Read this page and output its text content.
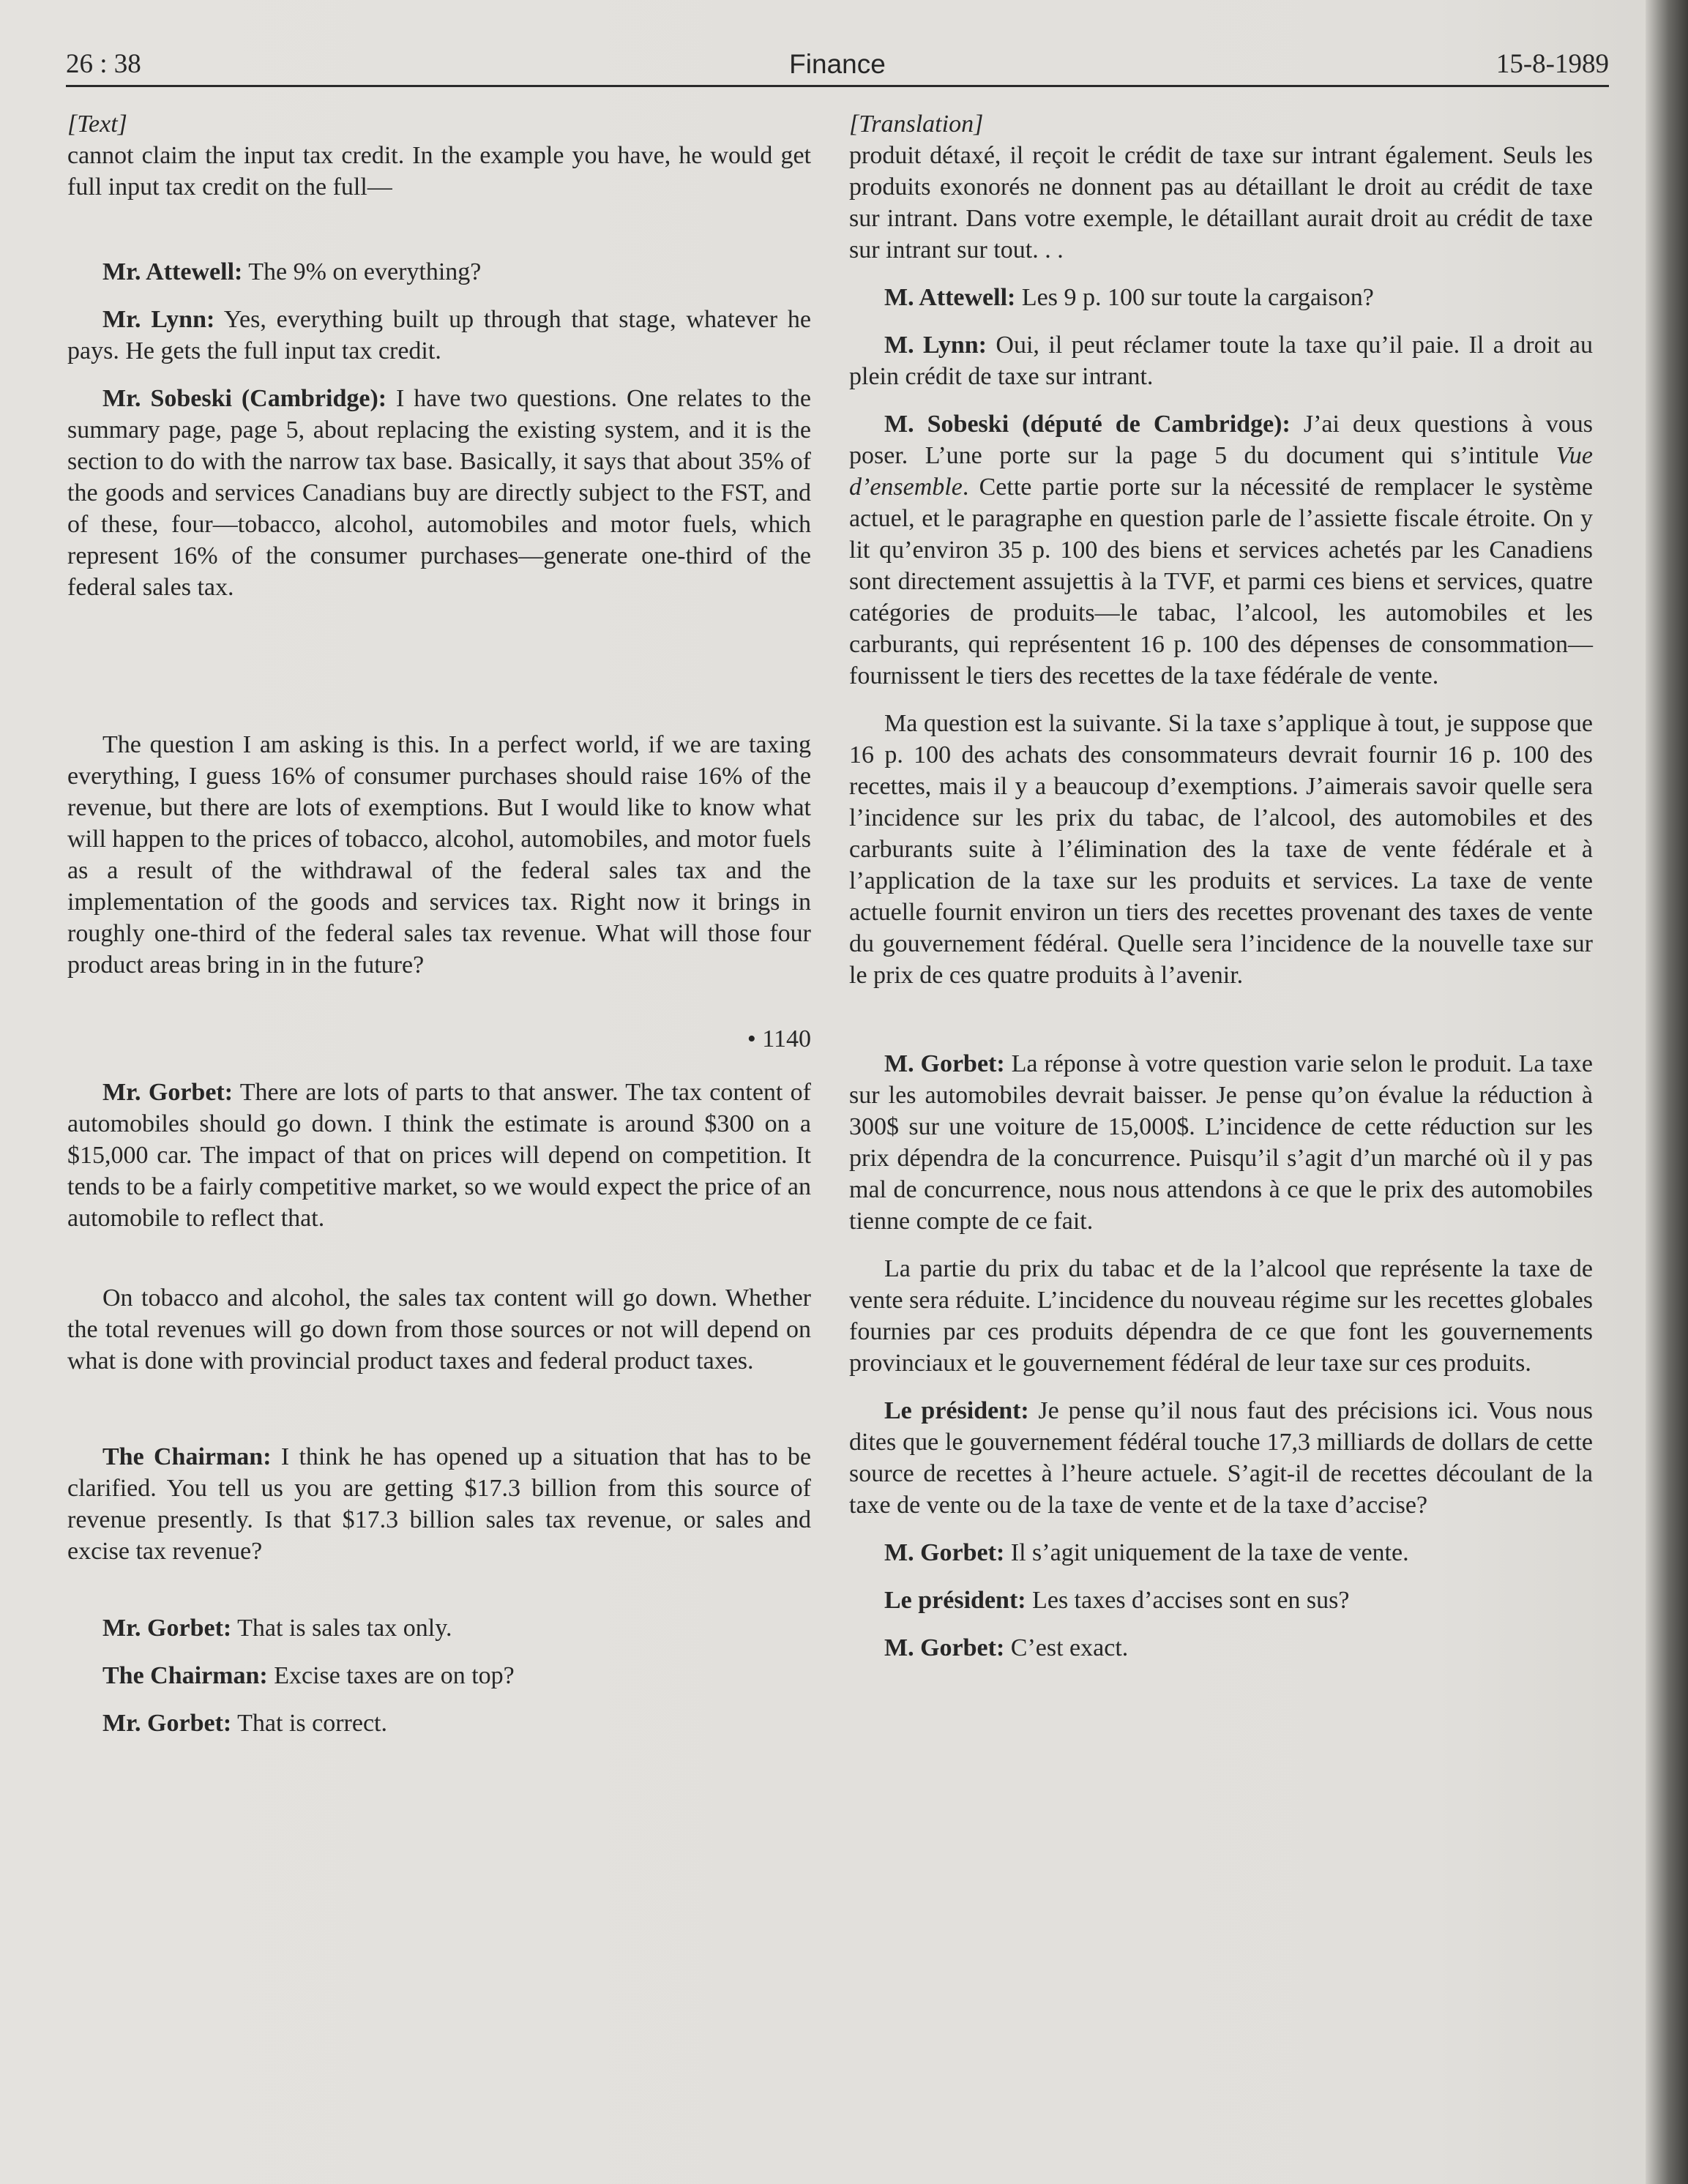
26 : 38	Finance	15-8-1989

[Text]

cannot claim the input tax credit. In the example you have, he would get full input tax credit on the full—

Mr. Attewell: The 9% on everything?

Mr. Lynn: Yes, everything built up through that stage, whatever he pays. He gets the full input tax credit.

Mr. Sobeski (Cambridge): I have two questions. One relates to the summary page, page 5, about replacing the existing system, and it is the section to do with the narrow tax base. Basically, it says that about 35% of the goods and services Canadians buy are directly subject to the FST, and of these, four—tobacco, alcohol, automobiles and motor fuels, which represent 16% of the consumer purchases—generate one-third of the federal sales tax.

The question I am asking is this. In a perfect world, if we are taxing everything, I guess 16% of consumer purchases should raise 16% of the revenue, but there are lots of exemptions. But I would like to know what will happen to the prices of tobacco, alcohol, automobiles, and motor fuels as a result of the withdrawal of the federal sales tax and the implementation of the goods and services tax. Right now it brings in roughly one-third of the federal sales tax revenue. What will those four product areas bring in in the future?

• 1140

Mr. Gorbet: There are lots of parts to that answer. The tax content of automobiles should go down. I think the estimate is around $300 on a $15,000 car. The impact of that on prices will depend on competition. It tends to be a fairly competitive market, so we would expect the price of an automobile to reflect that.

On tobacco and alcohol, the sales tax content will go down. Whether the total revenues will go down from those sources or not will depend on what is done with provincial product taxes and federal product taxes.

The Chairman: I think he has opened up a situation that has to be clarified. You tell us you are getting $17.3 billion from this source of revenue presently. Is that $17.3 billion sales tax revenue, or sales and excise tax revenue?

Mr. Gorbet: That is sales tax only.

The Chairman: Excise taxes are on top?

Mr. Gorbet: That is correct.

[Translation]

produit détaxé, il reçoit le crédit de taxe sur intrant également. Seuls les produits exonorés ne donnent pas au détaillant le droit au crédit de taxe sur intrant. Dans votre exemple, le détaillant aurait droit au crédit de taxe sur intrant sur tout. . .

M. Attewell: Les 9 p. 100 sur toute la cargaison?

M. Lynn: Oui, il peut réclamer toute la taxe qu’il paie. Il a droit au plein crédit de taxe sur intrant.

M. Sobeski (député de Cambridge): J’ai deux questions à vous poser. L’une porte sur la page 5 du document qui s’intitule Vue d’ensemble. Cette partie porte sur la nécessité de remplacer le système actuel, et le paragraphe en question parle de l’assiette fiscale étroite. On y lit qu’environ 35 p. 100 des biens et services achetés par les Canadiens sont directement assujettis à la TVF, et parmi ces biens et services, quatre catégories de produits—le tabac, l’alcool, les automobiles et les carburants, qui représentent 16 p. 100 des dépenses de consommation—fournissent le tiers des recettes de la taxe fédérale de vente.

Ma question est la suivante. Si la taxe s’applique à tout, je suppose que 16 p. 100 des achats des consommateurs devrait fournir 16 p. 100 des recettes, mais il y a beaucoup d’exemptions. J’aimerais savoir quelle sera l’incidence sur les prix du tabac, de l’alcool, des automobiles et des carburants suite à l’élimination des la taxe de vente fédérale et à l’application de la taxe sur les produits et services. La taxe de vente actuelle fournit environ un tiers des recettes provenant des taxes de vente du gouvernement fédéral. Quelle sera l’incidence de la nouvelle taxe sur le prix de ces quatre produits à l’avenir.

M. Gorbet: La réponse à votre question varie selon le produit. La taxe sur les automobiles devrait baisser. Je pense qu’on évalue la réduction à 300$ sur une voiture de 15,000$. L’incidence de cette réduction sur les prix dépendra de la concurrence. Puisqu’il s’agit d’un marché où il y pas mal de concurrence, nous nous attendons à ce que le prix des automobiles tienne compte de ce fait.

La partie du prix du tabac et de la l’alcool que représente la taxe de vente sera réduite. L’incidence du nouveau régime sur les recettes globales fournies par ces produits dépendra de ce que font les gouvernements provinciaux et le gouvernement fédéral de leur taxe sur ces produits.

Le président: Je pense qu’il nous faut des précisions ici. Vous nous dites que le gouvernement fédéral touche 17,3 milliards de dollars de cette source de recettes à l’heure actuele. S’agit-il de recettes découlant de la taxe de vente ou de la taxe de vente et de la taxe d’accise?

M. Gorbet: Il s’agit uniquement de la taxe de vente.

Le président: Les taxes d’accises sont en sus?

M. Gorbet: C’est exact.
